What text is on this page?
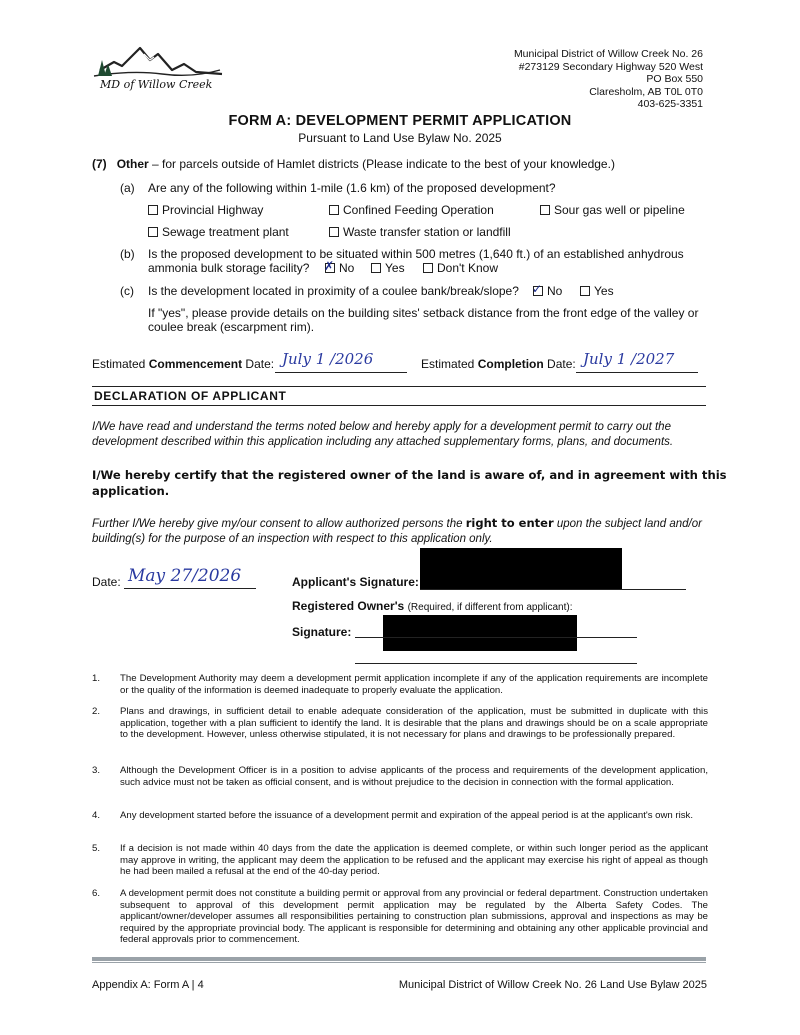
MD of Willow Creek
Municipal District of Willow Creek No. 26
#273129 Secondary Highway 520 West
PO Box 550
Claresholm, AB T0L 0T0
403-625-3351
FORM A: DEVELOPMENT PERMIT APPLICATION
Pursuant to Land Use Bylaw No. 2025
(7) Other – for parcels outside of Hamlet districts (Please indicate to the best of your knowledge.)
(a) Are any of the following within 1-mile (1.6 km) of the proposed development?
Provincial Highway	Confined Feeding Operation	Sour gas well or pipeline
Sewage treatment plant	Waste transfer station or landfill
(b) Is the proposed development to be situated within 500 metres (1,640 ft.) of an established anhydrous
ammonia bulk storage facility? ✗ No	Yes	Don't Know
(c) Is the development located in proximity of a coulee bank/break/slope? ✓ No	Yes
If "yes", please provide details on the building sites' setback distance from the front edge of the valley or
coulee break (escarpment rim).
Estimated Commencement Date: July 1 /2026	Estimated Completion Date: July 1 /2027
DECLARATION OF APPLICANT
I/We have read and understand the terms noted below and hereby apply for a development permit to carry out the
development described within this application including any attached supplementary forms, plans, and documents.
I/We hereby certify that the registered owner of the land is aware of, and in agreement with this
application.
Further I/We hereby give my/our consent to allow authorized persons the right to enter upon the subject land and/or
building(s) for the purpose of an inspection with respect to this application only.
Date: May 27/2026	Applicant's Signature:
Registered Owner's (Required, if different from applicant):
Signature:
1. The Development Authority may deem a development permit application incomplete if any of the application requirements are incomplete or the quality of the information is deemed inadequate to properly evaluate the application.
2. Plans and drawings, in sufficient detail to enable adequate consideration of the application, must be submitted in duplicate with this application, together with a plan sufficient to identify the land. It is desirable that the plans and drawings should be on a scale appropriate to the development. However, unless otherwise stipulated, it is not necessary for plans and drawings to be professionally prepared.
3. Although the Development Officer is in a position to advise applicants of the process and requirements of the development application, such advice must not be taken as official consent, and is without prejudice to the decision in connection with the formal application.
4. Any development started before the issuance of a development permit and expiration of the appeal period is at the applicant's own risk.
5. If a decision is not made within 40 days from the date the application is deemed complete, or within such longer period as the applicant may approve in writing, the applicant may deem the application to be refused and the applicant may exercise his right of appeal as though he had been mailed a refusal at the end of the 40-day period.
6. A development permit does not constitute a building permit or approval from any provincial or federal department. Construction undertaken subsequent to approval of this development permit application may be regulated by the Alberta Safety Codes. The applicant/owner/developer assumes all responsibilities pertaining to construction plan submissions, approval and inspections as may be required by the appropriate provincial body. The applicant is responsible for determining and obtaining any other applicable provincial and federal approvals prior to commencement.
Appendix A: Form A | 4	Municipal District of Willow Creek No. 26 Land Use Bylaw 2025
